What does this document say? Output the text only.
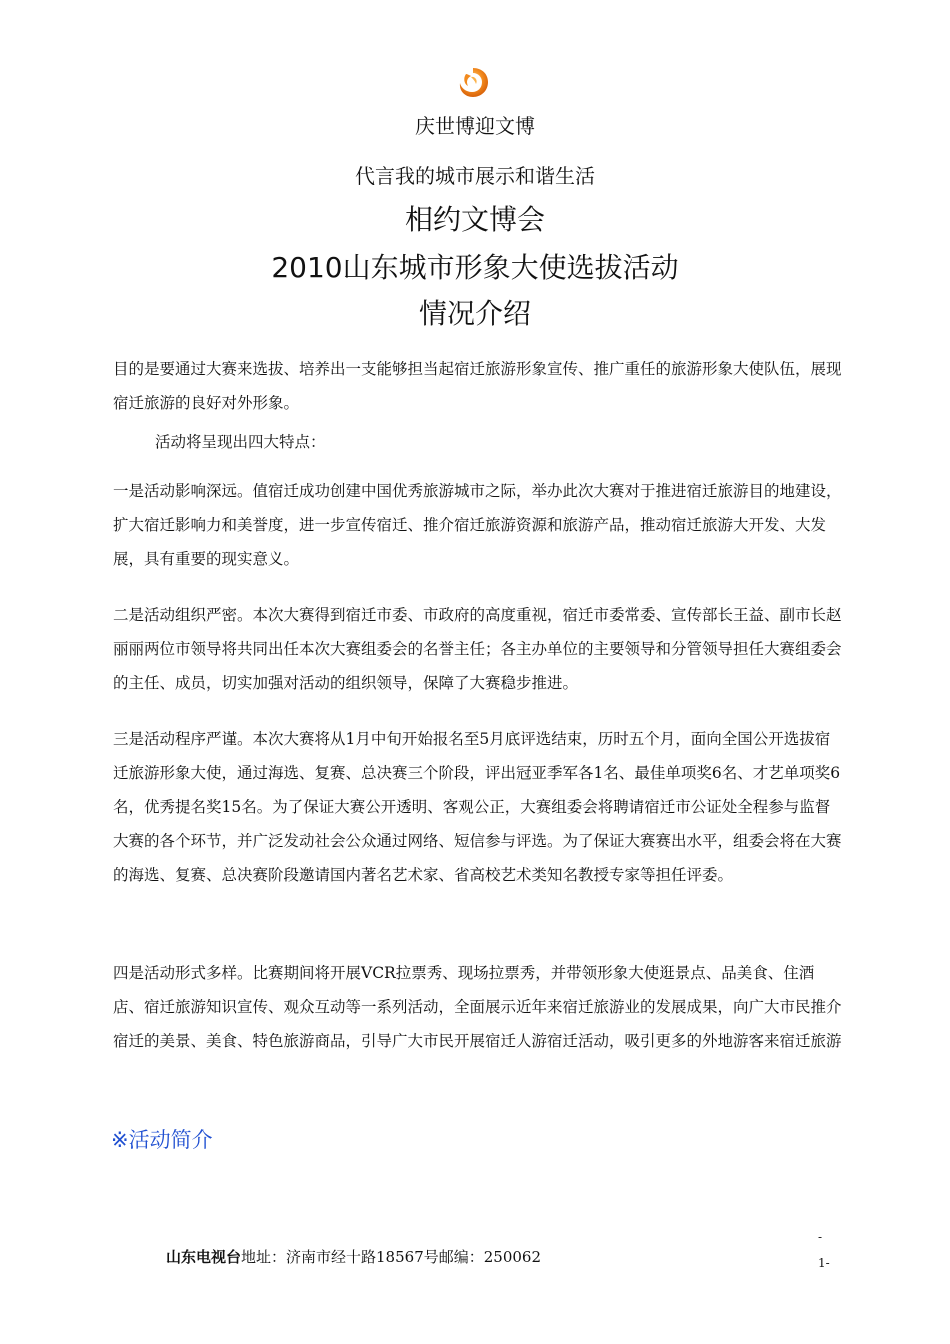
庆世博迎文博
代言我的城市展示和谐生活
相约文博会
2010山东城市形象大使选拔活动
情况介绍
目的是要通过大赛来选拔、培养出一支能够担当起宿迁旅游形象宣传、推广重任的旅游形象大使队伍，展现宿迁旅游的良好对外形象。
活动将呈现出四大特点：
一是活动影响深远。值宿迁成功创建中国优秀旅游城市之际，举办此次大赛对于推进宿迁旅游目的地建设，扩大宿迁影响力和美誉度，进一步宣传宿迁、推介宿迁旅游资源和旅游产品，推动宿迁旅游大开发、大发展，具有重要的现实意义。
二是活动组织严密。本次大赛得到宿迁市委、市政府的高度重视，宿迁市委常委、宣传部长王益、副市长赵丽丽两位市领导将共同出任本次大赛组委会的名誉主任；各主办单位的主要领导和分管领导担任大赛组委会的主任、成员，切实加强对活动的组织领导，保障了大赛稳步推进。
三是活动程序严谨。本次大赛将从1月中旬开始报名至5月底评选结束，历时五个月，面向全国公开选拔宿迁旅游形象大使，通过海选、复赛、总决赛三个阶段，评出冠亚季军各1名、最佳单项奖6名、才艺单项奖6名，优秀提名奖15名。为了保证大赛公开透明、客观公正，大赛组委会将聘请宿迁市公证处全程参与监督大赛的各个环节，并广泛发动社会公众通过网络、短信参与评选。为了保证大赛赛出水平，组委会将在大赛的海选、复赛、总决赛阶段邀请国内著名艺术家、省高校艺术类知名教授专家等担任评委。
四是活动形式多样。比赛期间将开展VCR拉票秀、现场拉票秀，并带领形象大使逛景点、品美食、住酒店、宿迁旅游知识宣传、观众互动等一系列活动，全面展示近年来宿迁旅游业的发展成果，向广大市民推介宿迁的美景、美食、特色旅游商品，引导广大市民开展宿迁人游宿迁活动，吸引更多的外地游客来宿迁旅游
※活动简介
山东电视台地址：济南市经十路18567号邮编：250062
-
1-
